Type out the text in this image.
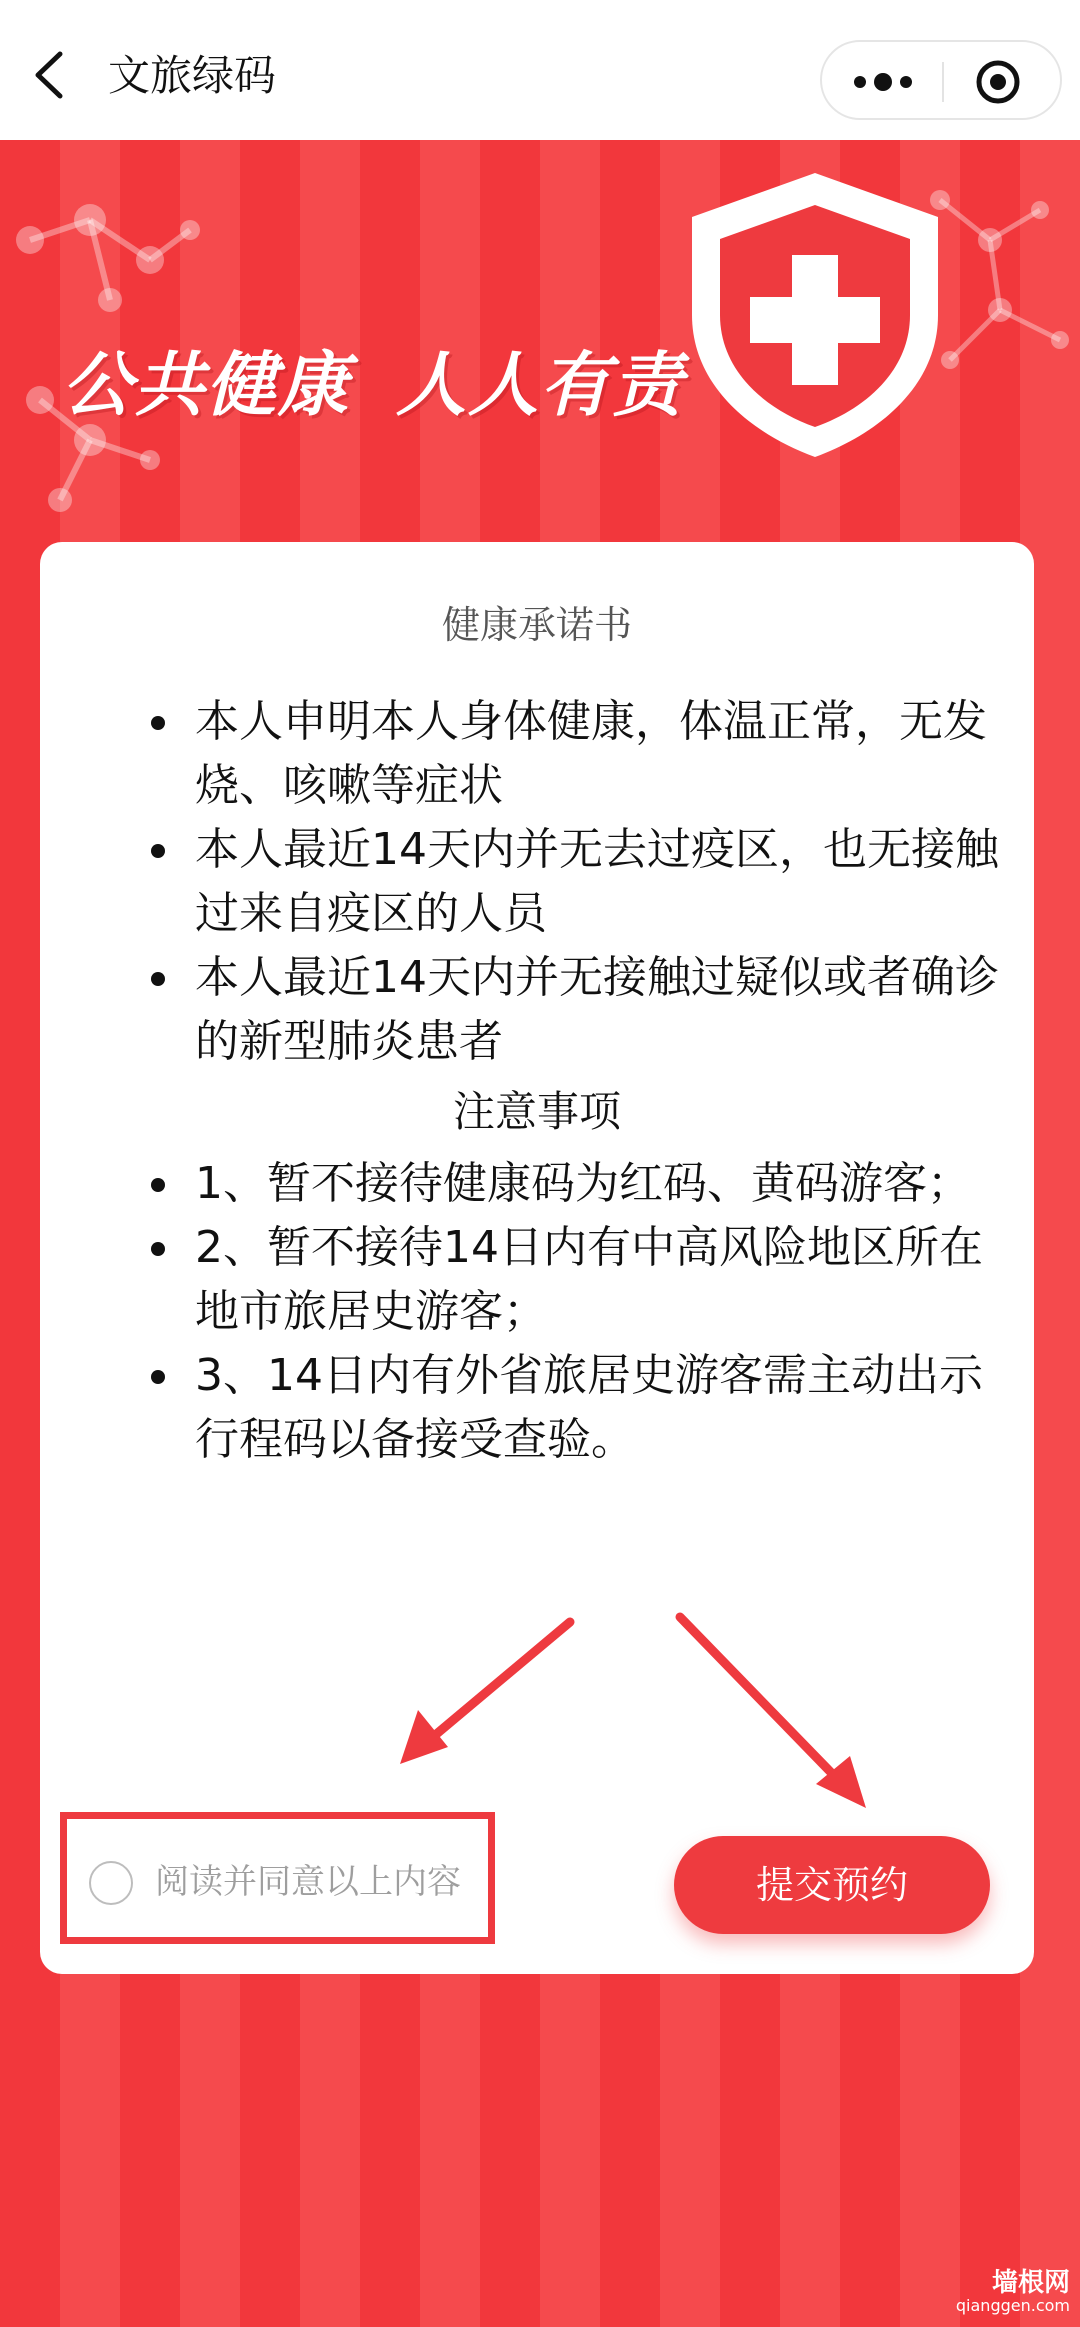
文旅绿码
公共健康 人人有责
健康承诺书
本人申明本人身体健康，体温正常，无发烧、咳嗽等症状
本人最近14天内并无去过疫区，也无接触过来自疫区的人员
本人最近14天内并无接触过疑似或者确诊的新型肺炎患者
注意事项
1、暂不接待健康码为红码、黄码游客；
2、暂不接待14日内有中高风险地区所在地市旅居史游客；
3、14日内有外省旅居史游客需主动出示行程码以备接受查验。
阅读并同意以上内容	提交预约
墙根网
qianggen.com
